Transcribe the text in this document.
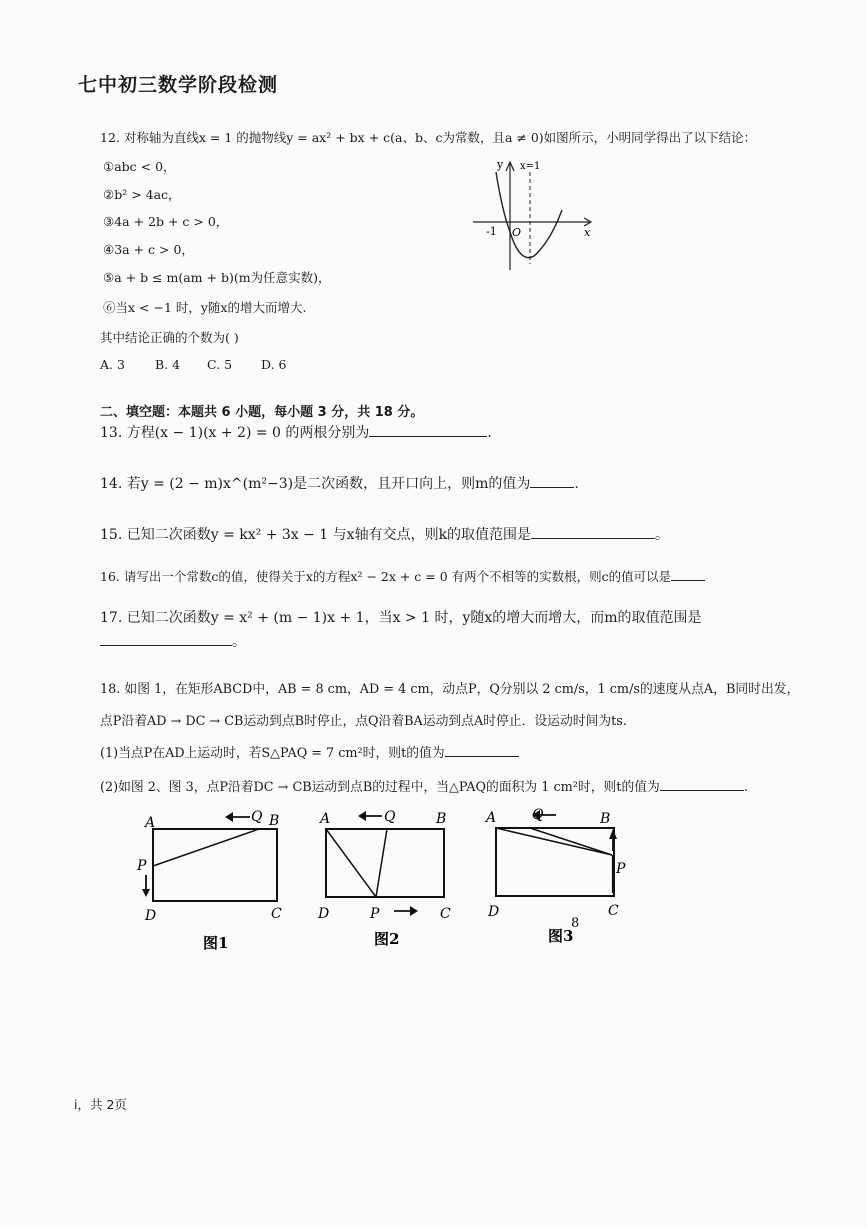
七中初三数学阶段检测
12. 对称轴为直线x = 1 的抛物线y = ax² + bx + c(a、b、c为常数，且a ≠ 0)如图所示，小明同学得出了以下结论：
①abc < 0，
②b² > 4ac，
③4a + 2b + c > 0，
④3a + c > 0，
⑤a + b ≤ m(am + b)(m为任意实数)，
⑥当x < −1 时，y随x的增大而增大.
其中结论正确的个数为( )
A. 3 B. 4 C. 5 D. 6
y x=1
-1 O	x
二、填空题：本题共 6 小题，每小题 3 分，共 18 分。
13. 方程(x − 1)(x + 2) = 0 的两根分别为	.
14. 若y = (2 − m)x^(m²−3)是二次函数，且开口向上，则m的值为	.
15. 已知二次函数y = kx² + 3x − 1 与x轴有交点，则k的取值范围是	。
16. 请写出一个常数c的值，使得关于x的方程x² − 2x + c = 0 有两个不相等的实数根，则c的值可以是
17. 已知二次函数y = x² + (m − 1)x + 1，当x > 1 时，y随x的增大而增大，而m的取值范围是
。
18. 如图 1，在矩形ABCD中，AB = 8 cm，AD = 4 cm，动点P，Q分别以 2 cm/s，1 cm/s的速度从点A，B同时出发，
点P沿着AD → DC → CB运动到点B时停止，点Q沿着BA运动到点A时停止．设运动时间为ts.
(1)当点P在AD上运动时，若S△PAQ = 7 cm²时，则t的值为
(2)如图 2、图 3，点P沿着DC → CB运动到点B的过程中，当△PAQ的面积为 1 cm²时，则t的值为	.
A	Q B
P
D	C
图1
A	Q	B
D	P	C
图2
A	Q	B
P
D	C
8
图3
i，共 2页
